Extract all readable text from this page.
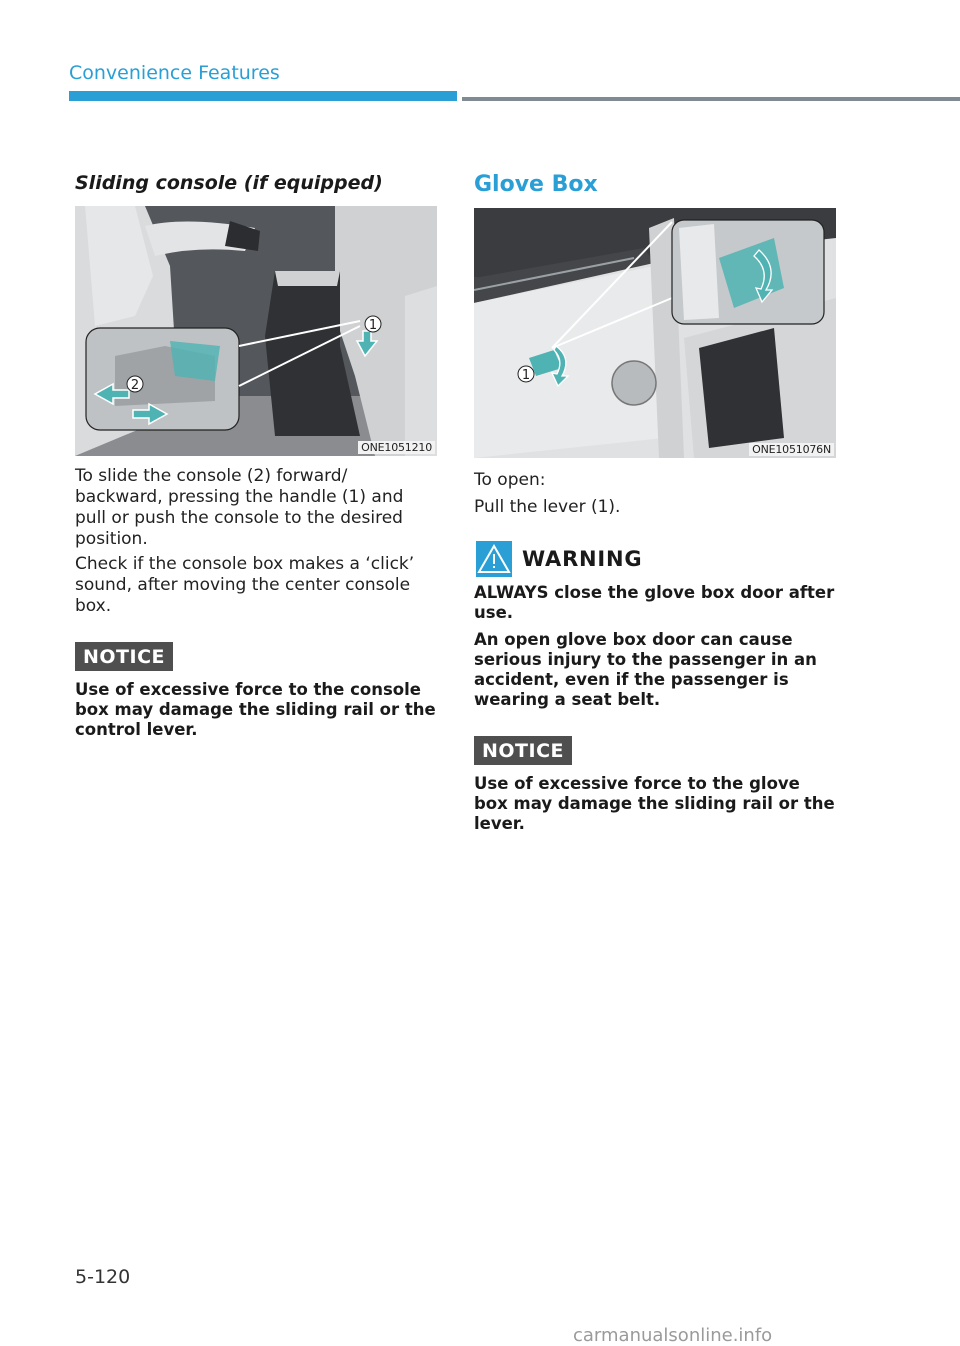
Convenience Features
Sliding console (if equipped)
2
1
ONE1051210

To slide the console (2) forward/ backward, pressing the handle (1) and pull or push the console to the desired position.

Check if the console box makes a ‘click’ sound, after moving the center console box.

NOTICE

Use of excessive force to the console box may damage the sliding rail or the control lever.

Glove Box
1
ONE1051076N

To open:

Pull the lever (1).

WARNING

ALWAYS close the glove box door after use.

An open glove box door can cause serious injury to the passenger in an accident, even if the passenger is wearing a seat belt.

NOTICE

Use of excessive force to the glove box may damage the sliding rail or the lever.

5-120
carmanualsonline.info
